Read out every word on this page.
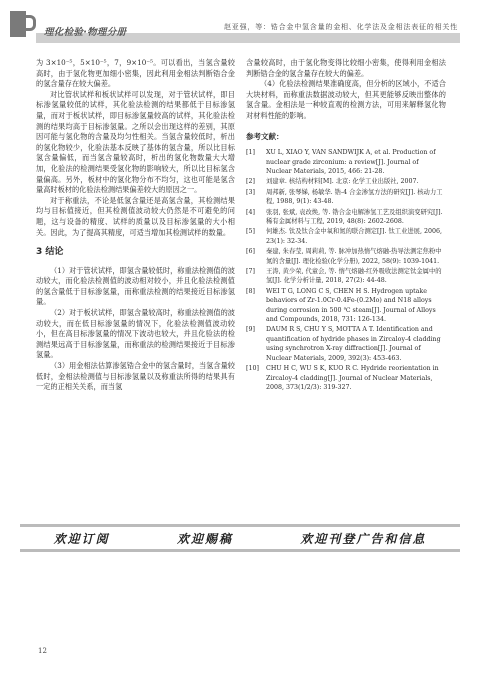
理化检验·物理分册	赵亚强，等：锆合金中氢含量的金相、化学法及金相法表征的相关性

为 3×10⁻⁵，5×10⁻⁵，7，9×10⁻⁵。可以看出，当氢含量较高时，由于氢化物更加细小密集，因此利用金相法判断锆合金的氢含量存在较大偏差。

对比管状试样和板状试样可以发现，对于管状试样，即目标渗氢量较低的试样，其化验法检测的结果都低于目标渗氢量，而对于板状试样，即目标渗氢量较高的试样，其化验法检测的结果均高于目标渗氢量。之所以会出现这样的差别，其原因可能与氢化物的含量及均匀性相关。当氢含量较低时，析出的氢化物较少，化验法基本反映了基体的氢含量，所以比目标氢含量偏低，而当氢含量较高时，析出的氢化物数量大大增加，化验法的检测结果受氢化物的影响较大，所以比目标氢含量偏高。另外，板材中的氢化物分布不均匀，这也可能是氢含量高时板材的化验法检测结果偏差较大的原因之一。

对于称重法，不论是低氢含量还是高氢含量，其检测结果均与目标值接近，但其检测值波动较大仍然是不可避免的问题，这与设备的精度、试样的质量以及目标渗氢量的大小相关。因此，为了提高其精度，可适当增加其检测试样的数量。

3 结论

（1）对于管状试样，即氢含量较低时，称重法检测值的波动较大，而化验法检测值的波动相对较小，并且化验法检测值的氢含量低于目标渗氢量，而称重法检测的结果接近目标渗氢量。

（2）对于板状试样，即氢含量较高时，称重法检测值的波动较大，而在低目标渗氢量的情况下，化验法检测值波动较小，但在高目标渗氢量的情况下波动也较大，并且化验法的检测结果远高于目标渗氢量，而称重法的检测结果接近于目标渗氢量。

（3）用金相法估算渗氢锆合金中的氢含量时，当氢含量较低时，金相法检测值与目标渗氢量以及称重法所得的结果具有一定的正相关关系，而当氢

含量较高时，由于氢化物变得比较细小密集，使得利用金相法判断锆合金的氢含量存在较大的偏差。

（4）化验法检测结果准确度高，但分析的区域小，不适合大块材料，而称重法数据波动较大，但其更能够反映出整体的氢含量。金相法是一种较直观的检测方法，可用来解释氢化物对材料性能的影响。

参考文献：
[1]	XU L, XIAO Y, VAN SANDWIJK A, et al. Production of nuclear grade zirconium: a review[J]. Journal of Nuclear Materials, 2015, 466: 21-28.
[2]	刘建章. 核结构材料[M]. 北京: 化学工业出版社, 2007.
[3]	周邦新, 张琴娣, 杨敏华. 锆-4 合金渗氢方法的研究[J]. 核动力工程, 1988, 9(1): 43-48.
[4]	张羽, 张斌, 袁改焕, 等. 锆合金电解渗氢工艺及组织演变研究[J]. 稀有金属材料与工程, 2019, 48(8): 2602-2608.
[5]	何雄杰. 钛及钛合金中氧和氮的联合测定[J]. 钛工业进展, 2006, 23(1): 32-34.
[6]	秦建, 朱春莹, 周莉莉, 等. 脉冲加热惰气熔融-热导法测定焦粉中氮的含量[J]. 理化检验(化学分册), 2022, 58(9): 1039-1041.
[7]	王涛, 黄少荣, 代童会, 等. 惰气熔融-红外吸收法测定钛金属中的氢[J]. 化学分析计量, 2018, 27(2): 44-48.
[8]	WEI T G, LONG C S, CHEN H S. Hydrogen uptake behaviors of Zr-1.0Cr-0.4Fe-(0.2Mo) and N18 alloys during corrosion in 500 ℃ steam[J]. Journal of Alloys and Compounds, 2018, 731: 126-134.
[9]	DAUM R S, CHU Y S, MOTTA A T. Identification and quantification of hydride phases in Zircaloy-4 cladding using synchrotron X-ray diffraction[J]. Journal of Nuclear Materials, 2009, 392(3): 453-463.
[10]	CHU H C, WU S K, KUO R C. Hydride reorientation in Zircaloy-4 cladding[J]. Journal of Nuclear Materials, 2008, 373(1/2/3): 319-327.
欢迎订阅	欢迎赐稿	欢迎刊登广告和信息
12
